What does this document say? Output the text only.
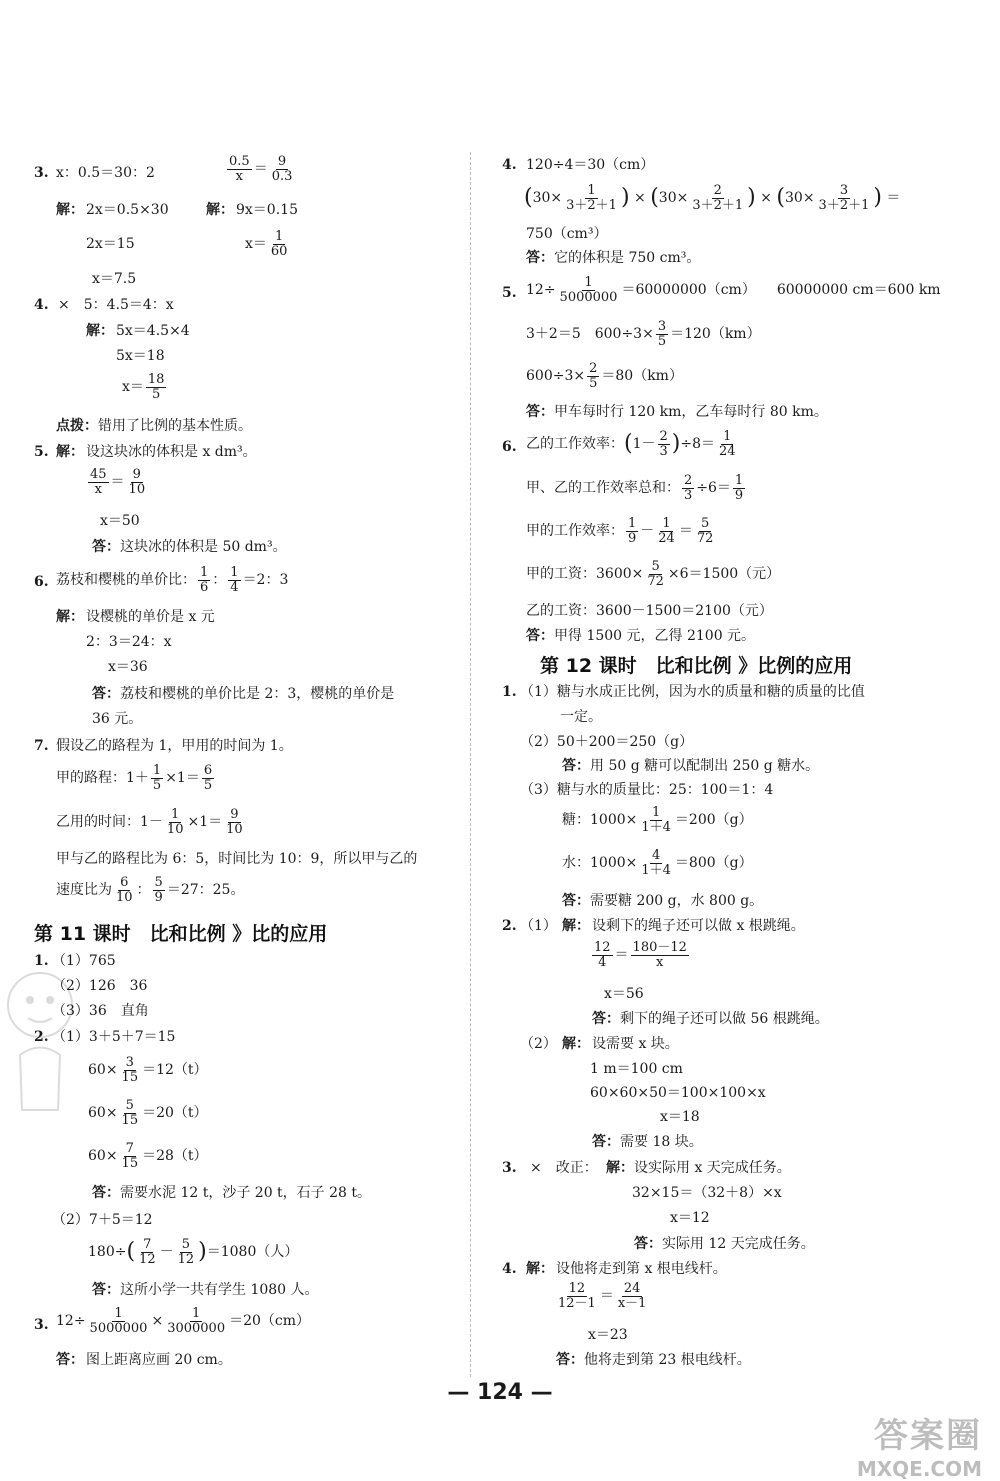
3. x：0.5＝30：2	$\frac{0.5}{x} = \frac{9}{0.3}$
解： 2x＝0.5×30	解： 9x＝0.15
2x＝15	$x= \frac{1}{60}$
x＝7.5
4. ×　5：4.5＝4：x
解： 5x＝4.5×4
5x＝18
$x= \frac{18}{5}$
点拨： 错用了比例的基本性质。
5. 解： 设这块冰的体积是 x dm³。
$\frac{45}{x} = \frac{9}{10}$
x＝50
答： 这块冰的体积是 50 dm³。
6. 荔枝和樱桃的单价比： $\frac{1}{6}$ ： $\frac{1}{4} =2$：3
解： 设樱桃的单价是 x 元
2：3＝24：x
x＝36
答： 荔枝和樱桃的单价比是 2：3，樱桃的单价是
36 元。
7. 假设乙的路程为 1，甲用的时间为 1。
甲的路程：$1+ \frac{1}{5} \times 1= \frac{6}{5}$
乙用的时间：$1- \frac{1}{10} \times 1= \frac{9}{10}$
甲与乙的路程比为 6：5，时间比为 10：9，所以甲与乙的
速度比为 $\frac{6}{10}$ ： $\frac{5}{9} =27$：25。
第 11 课时　比和比例 》比的应用
1. （1）765
（2）126　36
（3）36　直角
2. （1）3＋5＋7＝15
$60\times \frac{3}{15} =12(t)$
$60\times \frac{5}{15} =20(t)$
$60\times \frac{7}{15} =28(t)$
答： 需要水泥 12 t，沙子 20 t，石子 28 t。
（2）7＋5＝12
$180\div( \frac{7}{12} - \frac{5}{12} )=1080$（人）
答： 这所小学一共有学生 1080 人。
3. $12\div \frac{1}{5000000} \times \frac{1}{3000000} =20(cm)$
答： 图上距离应画 20 cm。
4. 120÷4＝30（cm）
($30\times \frac{1}{3+2+1}$ ) × ($30\times \frac{2}{3+2+1}$ ) × ($30\times \frac{3}{3+2+1}$ ) ＝
750（cm³）
答： 它的体积是 750 cm³。
5. $12\div \frac{1}{5000000} =60000000(cm)$　　60000000 cm＝600 km
3＋2＝5　$600\div 3\times \frac{3}{5} =120(km)$
$600\div 3\times \frac{2}{5} =80(km)$
答： 甲车每时行 120 km，乙车每时行 80 km。
6. 乙的工作效率：$(1- \frac{2}{3} )\div 8= \frac{1}{24}$
甲、乙的工作效率总和： $\frac{2}{3} \div 6= \frac{1}{9}$
甲的工作效率： $\frac{1}{9} - \frac{1}{24} = \frac{5}{72}$
甲的工资：$3600\times \frac{5}{72} \times 6=1500$（元）
乙的工资：3600－1500＝2100（元）
答： 甲得 1500 元，乙得 2100 元。
第 12 课时　比和比例 》比例的应用
1. （1）糖与水成正比例，因为水的质量和糖的质量的比值
一定。
（2）50＋200＝250（g）
答： 用 50 g 糖可以配制出 250 g 糖水。
（3）糖与水的质量比：25：100＝1：4
糖：$1000\times \frac{1}{1+4} =200(g)$
水：$1000\times \frac{4}{1+4} =800(g)$
答： 需要糖 200 g，水 800 g。
2. （1） 解： 设剩下的绳子还可以做 x 根跳绳。
$\frac{12}{4} = \frac{180-12}{x}$
x＝56
答： 剩下的绳子还可以做 56 根跳绳。
（2） 解： 设需要 x 块。
1 m＝100 cm
60×60×50＝100×100×x
x＝18
答： 需要 18 块。
3. ×　改正： 解： 设实际用 x 天完成任务。
32×15＝（32＋8）×x
x＝12
答： 实际用 12 天完成任务。
4. 解： 设他将走到第 x 根电线杆。
$\frac{12}{12-1} = \frac{24}{x-1}$
x＝23
答： 他将走到第 23 根电线杆。
— 124 —
答案圈
MXQE.COM
